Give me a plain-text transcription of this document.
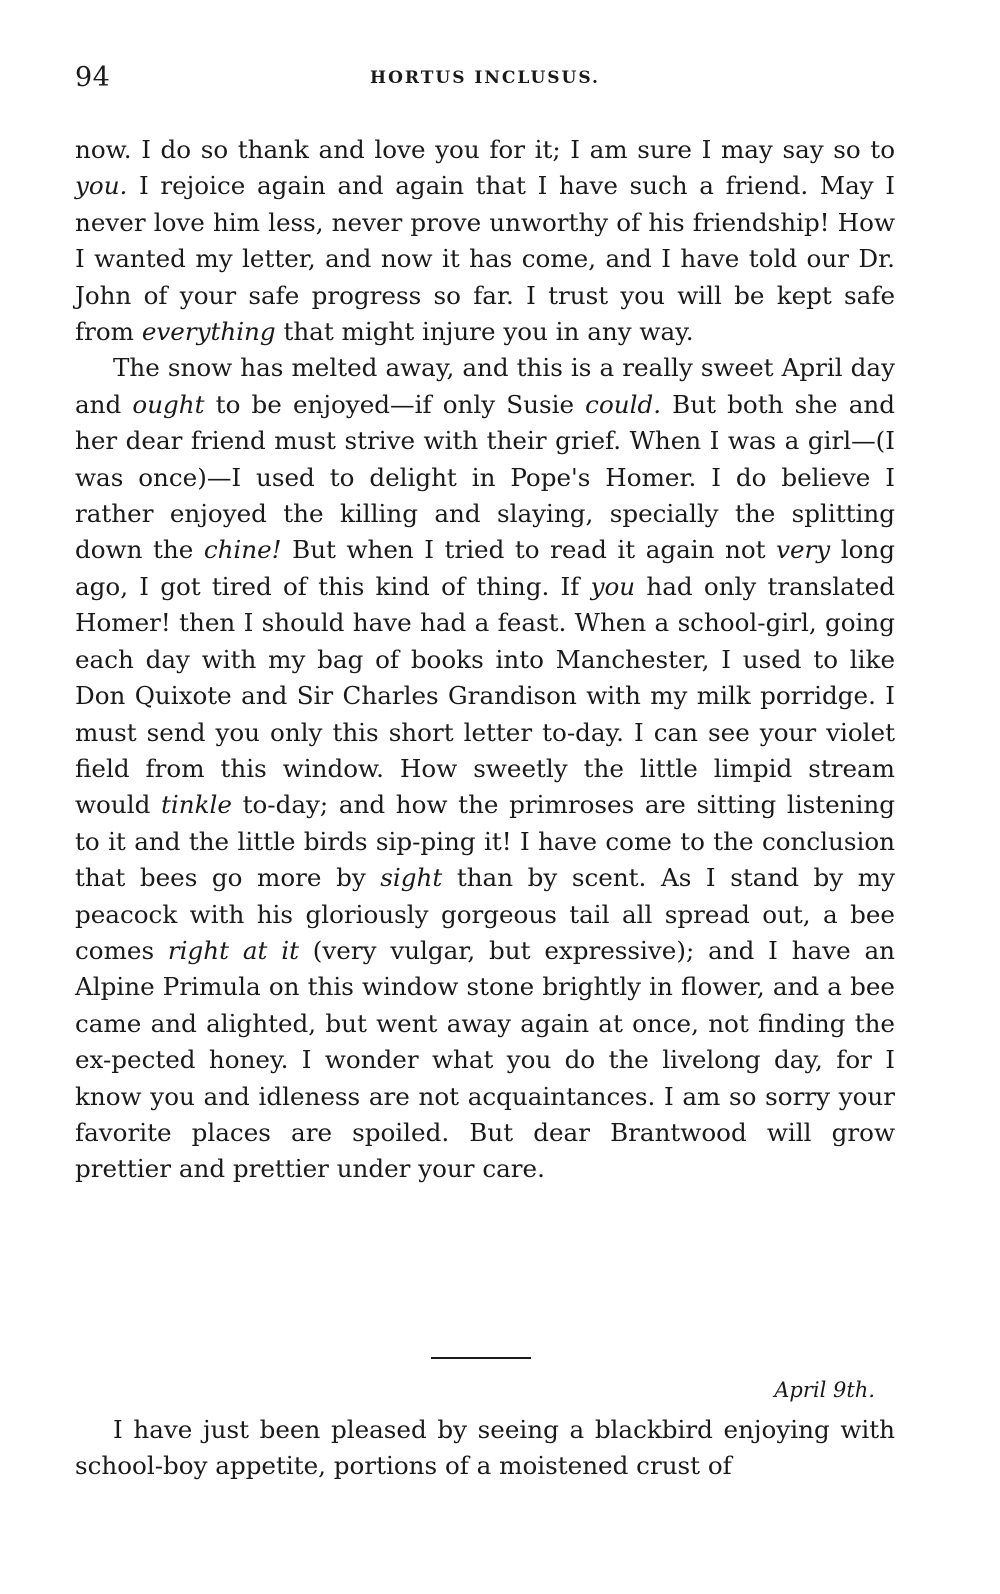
94	HORTUS INCLUSUS.

now. I do so thank and love you for it; I am sure I may say so to you. I rejoice again and again that I have such a friend. May I never love him less, never prove unworthy of his friendship! How I wanted my letter, and now it has come, and I have told our Dr. John of your safe progress so far. I trust you will be kept safe from everything that might injure you in any way.

The snow has melted away, and this is a really sweet April day and ought to be enjoyed—if only Susie could. But both she and her dear friend must strive with their grief. When I was a girl—(I was once)—I used to delight in Pope's Homer. I do believe I rather enjoyed the killing and slaying, specially the splitting down the chine! But when I tried to read it again not very long ago, I got tired of this kind of thing. If you had only translated Homer! then I should have had a feast. When a school-girl, going each day with my bag of books into Manchester, I used to like Don Quixote and Sir Charles Grandison with my milk porridge. I must send you only this short letter to-day. I can see your violet field from this window. How sweetly the little limpid stream would tinkle to-day; and how the primroses are sitting listening to it and the little birds sip-ping it! I have come to the conclusion that bees go more by sight than by scent. As I stand by my peacock with his gloriously gorgeous tail all spread out, a bee comes right at it (very vulgar, but expressive); and I have an Alpine Primula on this window stone brightly in flower, and a bee came and alighted, but went away again at once, not finding the ex-pected honey. I wonder what you do the livelong day, for I know you and idleness are not acquaintances. I am so sorry your favorite places are spoiled. But dear Brantwood will grow prettier and prettier under your care.

April 9th.

I have just been pleased by seeing a blackbird enjoying with school-boy appetite, portions of a moistened crust of
